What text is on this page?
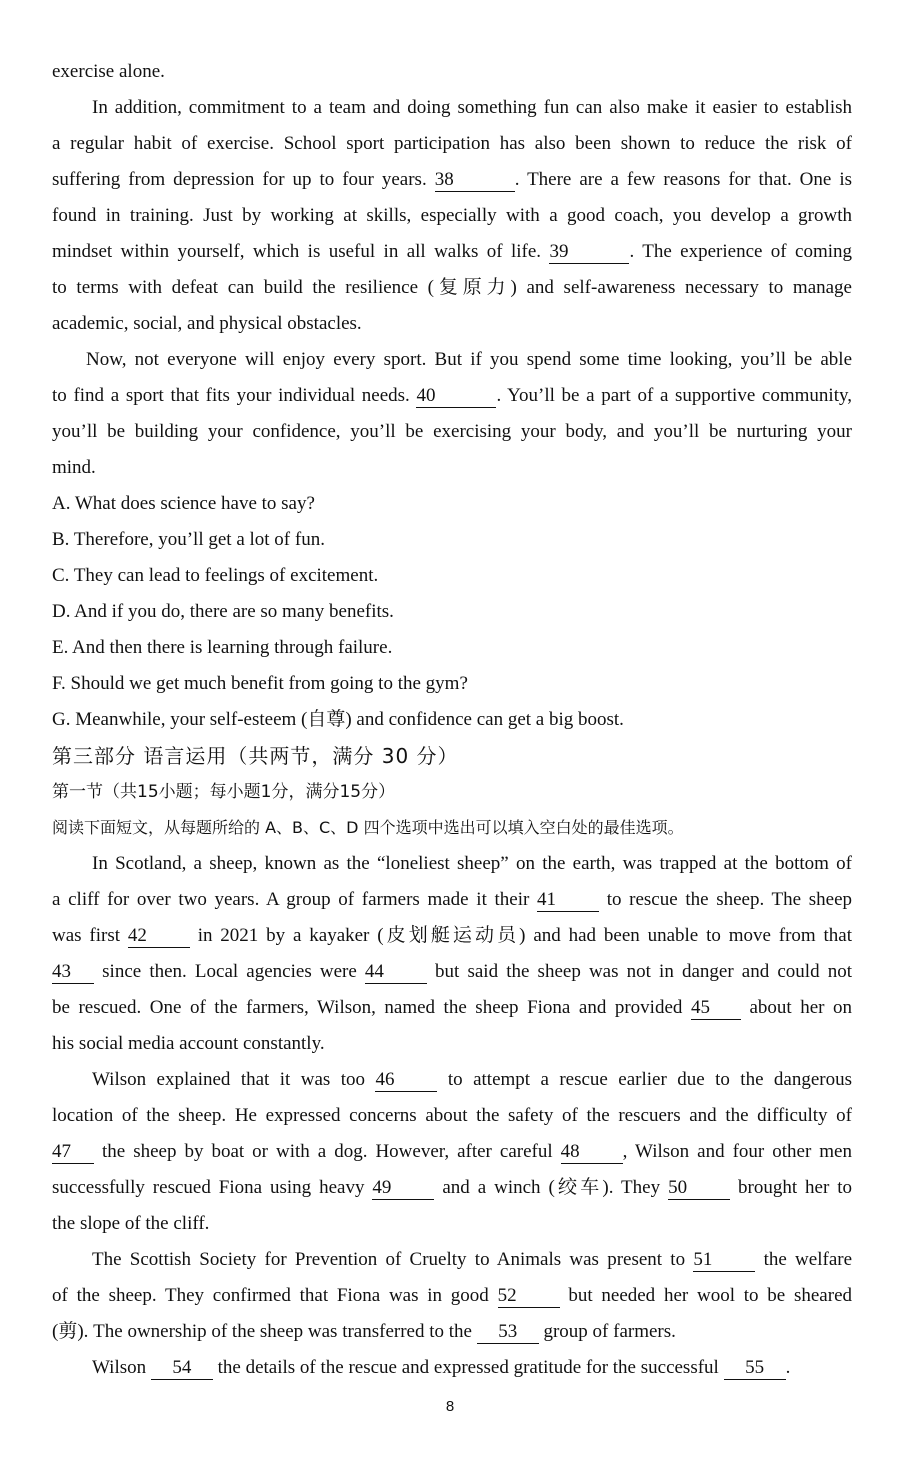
exercise alone.
In addition, commitment to a team and doing something fun can also make it easier to establish
a regular habit of exercise. School sport participation has also been shown to reduce the risk of
suffering from depression for up to four years. 38	. There are a few reasons for that. One is
found in training. Just by working at skills, especially with a good coach, you develop a growth
mindset within yourself, which is useful in all walks of life. 39	. The experience of coming
to terms with defeat can build the resilience (复原力) and self-awareness necessary to manage
academic, social, and physical obstacles.
Now, not everyone will enjoy every sport. But if you spend some time looking, you’ll be able
to find a sport that fits your individual needs. 40	. You’ll be a part of a supportive community,
you’ll be building your confidence, you’ll be exercising your body, and you’ll be nurturing your
mind.
A. What does science have to say?
B. Therefore, you’ll get a lot of fun.
C. They can lead to feelings of excitement.
D. And if you do, there are so many benefits.
E. And then there is learning through failure.
F. Should we get much benefit from going to the gym?
G. Meanwhile, your self-esteem (自尊) and confidence can get a big boost.
第三部分 语言运用（共两节，满分 30 分）
第一节（共15小题；每小题1分，满分15分）
阅读下面短文，从每题所给的 A、B、C、D 四个选项中选出可以填入空白处的最佳选项。
In Scotland, a sheep, known as the “loneliest sheep” on the earth, was trapped at the bottom of
a cliff for over two years. A group of farmers made it their 41	to rescue the sheep. The sheep
was first 42	in 2021 by a kayaker (皮划艇运动员) and had been unable to move from that
43 since then. Local agencies were 44	but said the sheep was not in danger and could not
be rescued. One of the farmers, Wilson, named the sheep Fiona and provided 45 about her on
his social media account constantly.
Wilson explained that it was too 46	to attempt a rescue earlier due to the dangerous
location of the sheep. He expressed concerns about the safety of the rescuers and the difficulty of
47 the sheep by boat or with a dog. However, after careful 48 , Wilson and four other men
successfully rescued Fiona using heavy 49	and a winch (绞车). They 50	brought her to
the slope of the cliff.
The Scottish Society for Prevention of Cruelty to Animals was present to 51	the welfare
of the sheep. They confirmed that Fiona was in good 52	but needed her wool to be sheared
(剪). The ownership of the sheep was transferred to the 53 group of farmers.
Wilson 54 the details of the rescue and expressed gratitude for the successful 55 .
8
